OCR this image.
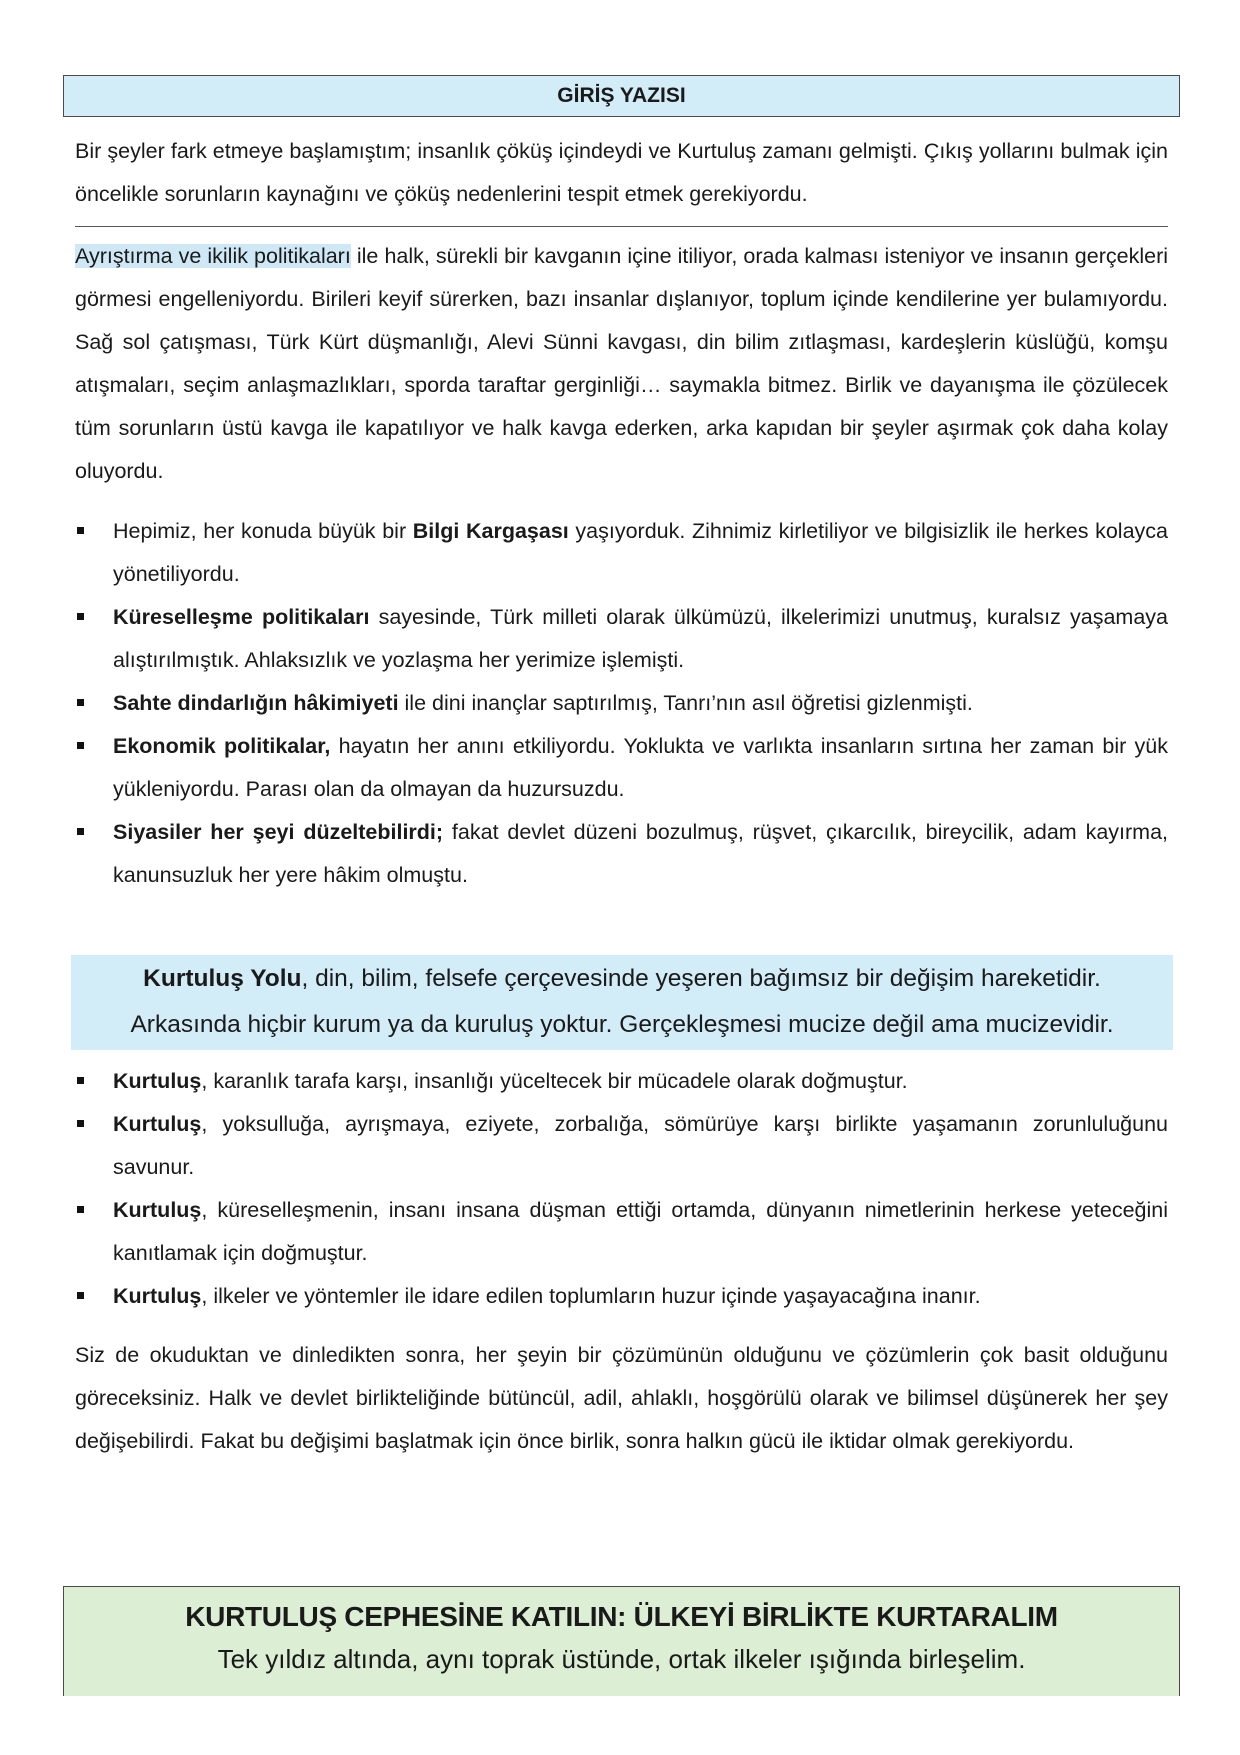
GİRİŞ YAZISI

Bir şeyler fark etmeye başlamıştım; insanlık çöküş içindeydi ve Kurtuluş zamanı gelmişti. Çıkış yollarını bulmak için öncelikle sorunların kaynağını ve çöküş nedenlerini tespit etmek gerekiyordu.

Ayrıştırma ve ikilik politikaları ile halk, sürekli bir kavganın içine itiliyor, orada kalması isteniyor ve insanın gerçekleri görmesi engelleniyordu. Birileri keyif sürerken, bazı insanlar dışlanıyor, toplum içinde kendilerine yer bulamıyordu. Sağ sol çatışması, Türk Kürt düşmanlığı, Alevi Sünni kavgası, din bilim zıtlaşması, kardeşlerin küslüğü, komşu atışmaları, seçim anlaşmazlıkları, sporda taraftar gerginliği… saymakla bitmez. Birlik ve dayanışma ile çözülecek tüm sorunların üstü kavga ile kapatılıyor ve halk kavga ederken, arka kapıdan bir şeyler aşırmak çok daha kolay oluyordu.

Hepimiz, her konuda büyük bir Bilgi Kargaşası yaşıyorduk. Zihnimiz kirletiliyor ve bilgisizlik ile herkes kolayca yönetiliyordu.
Küreselleşme politikaları sayesinde, Türk milleti olarak ülkümüzü, ilkelerimizi unutmuş, kuralsız yaşamaya alıştırılmıştık. Ahlaksızlık ve yozlaşma her yerimize işlemişti.
Sahte dindarlığın hâkimiyeti ile dini inançlar saptırılmış, Tanrı’nın asıl öğretisi gizlenmişti.
Ekonomik politikalar, hayatın her anını etkiliyordu. Yoklukta ve varlıkta insanların sırtına her zaman bir yük yükleniyordu. Parası olan da olmayan da huzursuzdu.
Siyasiler her şeyi düzeltebilirdi; fakat devlet düzeni bozulmuş, rüşvet, çıkarcılık, bireycilik, adam kayırma, kanunsuzluk her yere hâkim olmuştu.
Kurtuluş Yolu, din, bilim, felsefe çerçevesinde yeşeren bağımsız bir değişim hareketidir.
Arkasında hiçbir kurum ya da kuruluş yoktur. Gerçekleşmesi mucize değil ama mucizevidir.
Kurtuluş, karanlık tarafa karşı, insanlığı yüceltecek bir mücadele olarak doğmuştur.
Kurtuluş, yoksulluğa, ayrışmaya, eziyete, zorbalığa, sömürüye karşı birlikte yaşamanın zorunluluğunu savunur.
Kurtuluş, küreselleşmenin, insanı insana düşman ettiği ortamda, dünyanın nimetlerinin herkese yeteceğini kanıtlamak için doğmuştur.
Kurtuluş, ilkeler ve yöntemler ile idare edilen toplumların huzur içinde yaşayacağına inanır.

Siz de okuduktan ve dinledikten sonra, her şeyin bir çözümünün olduğunu ve çözümlerin çok basit olduğunu göreceksiniz. Halk ve devlet birlikteliğinde bütüncül, adil, ahlaklı, hoşgörülü olarak ve bilimsel düşünerek her şey değişebilirdi. Fakat bu değişimi başlatmak için önce birlik, sonra halkın gücü ile iktidar olmak gerekiyordu.

KURTULUŞ CEPHESİNE KATILIN: ÜLKEYİ BİRLİKTE KURTARALIM
Tek yıldız altında, aynı toprak üstünde, ortak ilkeler ışığında birleşelim.
